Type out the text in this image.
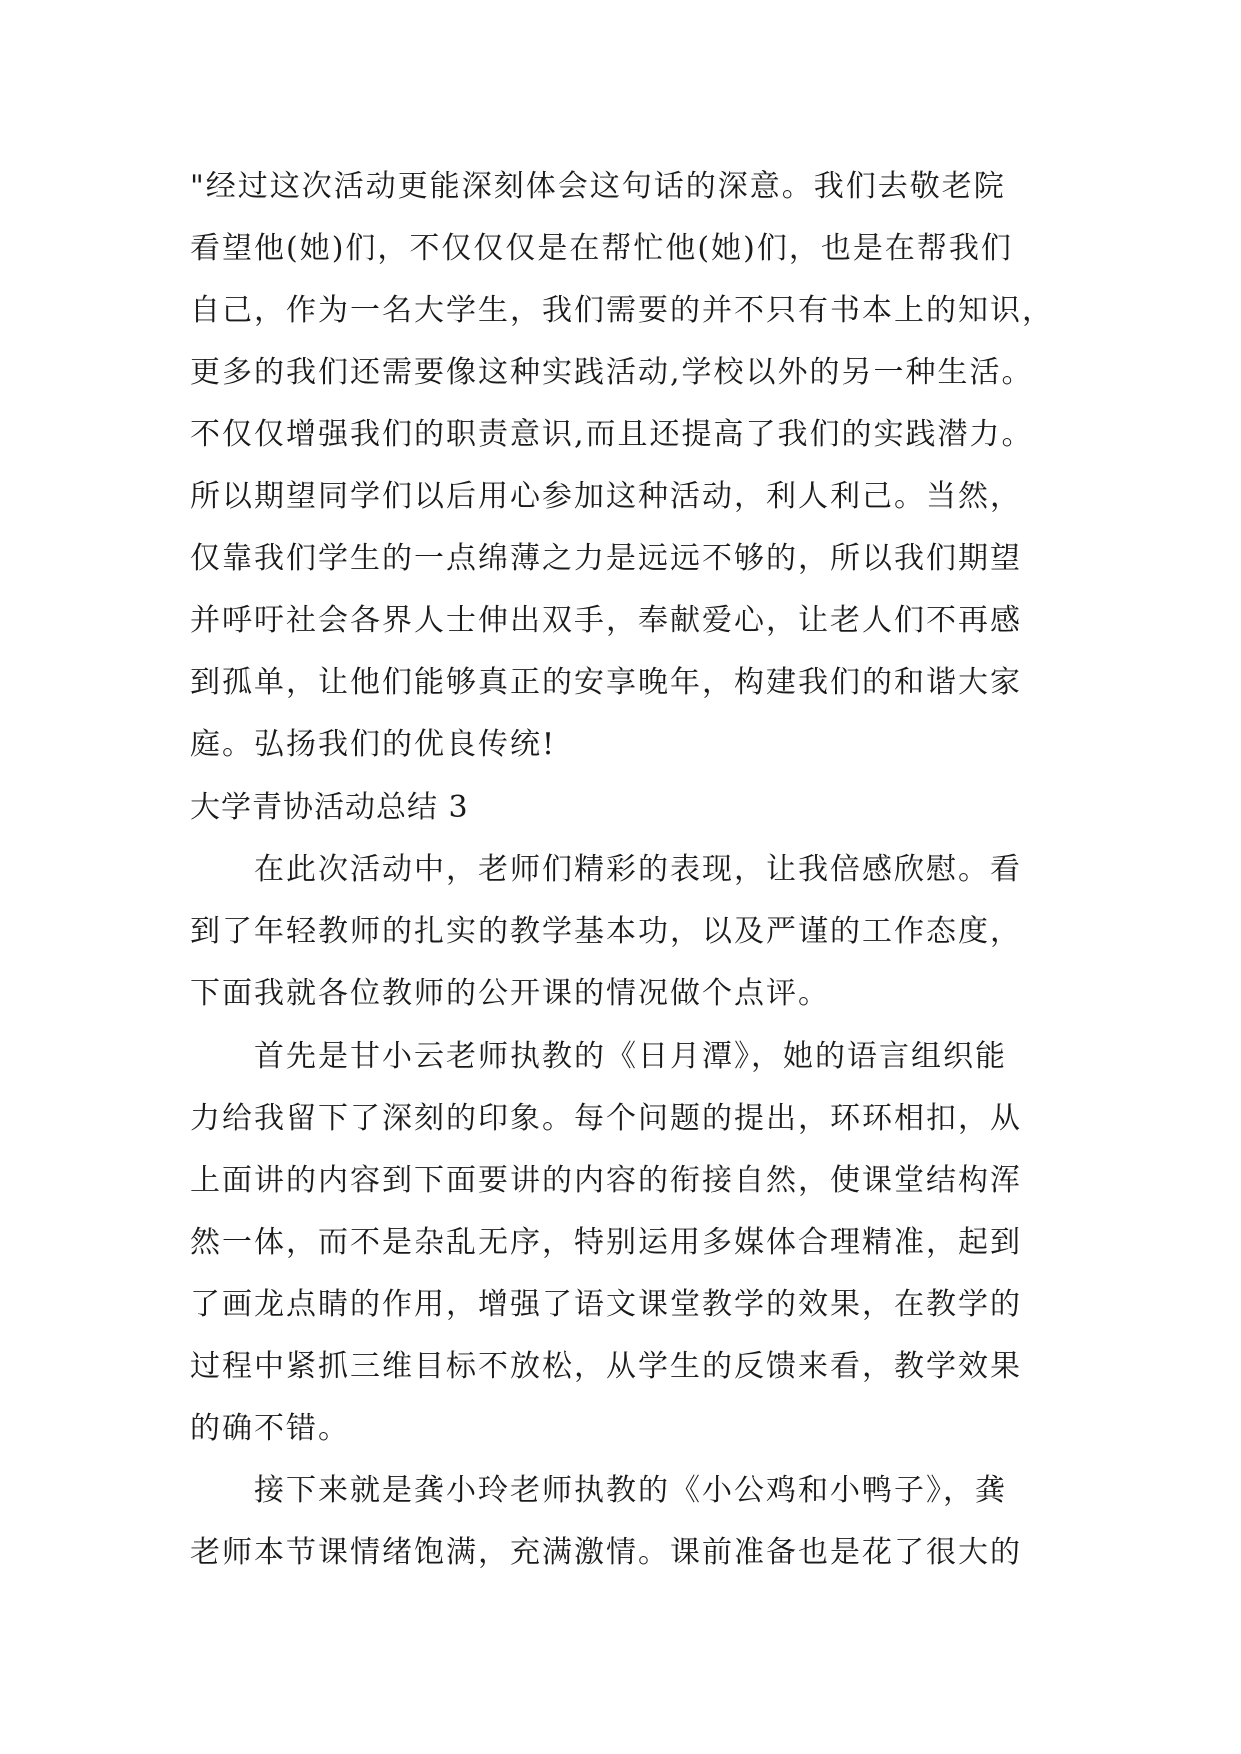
"经过这次活动更能深刻体会这句话的深意。我们去敬老院
看望他(她)们，不仅仅仅是在帮忙他(她)们，也是在帮我们
自己，作为一名大学生，我们需要的并不只有书本上的知识，
更多的我们还需要像这种实践活动,学校以外的另一种生活。
不仅仅增强我们的职责意识,而且还提高了我们的实践潜力。
所以期望同学们以后用心参加这种活动，利人利己。当然，
仅靠我们学生的一点绵薄之力是远远不够的，所以我们期望
并呼吁社会各界人士伸出双手，奉献爱心，让老人们不再感
到孤单，让他们能够真正的安享晚年，构建我们的和谐大家
庭。弘扬我们的优良传统!
大学青协活动总结 3
在此次活动中，老师们精彩的表现，让我倍感欣慰。看
到了年轻教师的扎实的教学基本功，以及严谨的工作态度，
下面我就各位教师的公开课的情况做个点评。
首先是甘小云老师执教的《日月潭》，她的语言组织能
力给我留下了深刻的印象。每个问题的提出，环环相扣，从
上面讲的内容到下面要讲的内容的衔接自然，使课堂结构浑
然一体，而不是杂乱无序，特别运用多媒体合理精准，起到
了画龙点睛的作用，增强了语文课堂教学的效果，在教学的
过程中紧抓三维目标不放松，从学生的反馈来看，教学效果
的确不错。
接下来就是龚小玲老师执教的《小公鸡和小鸭子》，龚
老师本节课情绪饱满，充满激情。课前准备也是花了很大的
